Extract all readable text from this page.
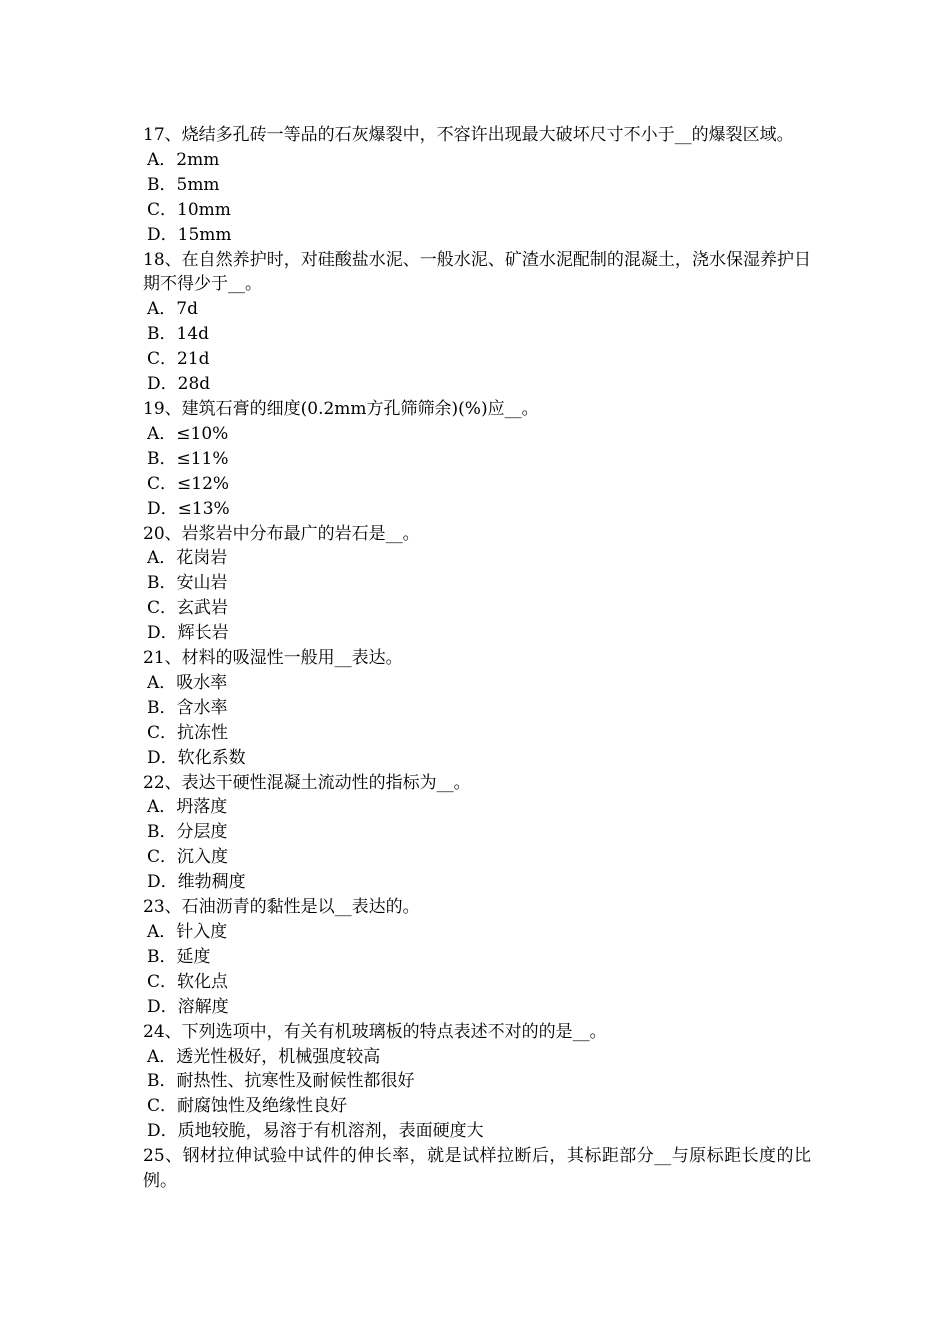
17、烧结多孔砖一等品的石灰爆裂中，不容许出现最大破坏尺寸不小于__的爆裂区域。

A．2mm

B．5mm

C．10mm

D．15mm

18、在自然养护时，对硅酸盐水泥、一般水泥、矿渣水泥配制的混凝土，浇水保湿养护日期不得少于__。

A．7d

B．14d

C．21d

D．28d

19、建筑石膏的细度(0.2mm方孔筛筛余)(%)应__。

A．≤10%

B．≤11%

C．≤12%

D．≤13%

20、岩浆岩中分布最广的岩石是__。

A．花岗岩

B．安山岩

C．玄武岩

D．辉长岩

21、材料的吸湿性一般用__表达。

A．吸水率

B．含水率

C．抗冻性

D．软化系数

22、表达干硬性混凝土流动性的指标为__。

A．坍落度

B．分层度

C．沉入度

D．维勃稠度

23、石油沥青的黏性是以__表达的。

A．针入度

B．延度

C．软化点

D．溶解度

24、下列选项中，有关有机玻璃板的特点表述不对的的是__。

A．透光性极好，机械强度较高

B．耐热性、抗寒性及耐候性都很好

C．耐腐蚀性及绝缘性良好

D．质地较脆，易溶于有机溶剂，表面硬度大

25、钢材拉伸试验中试件的伸长率，就是试样拉断后，其标距部分__与原标距长度的比例。
